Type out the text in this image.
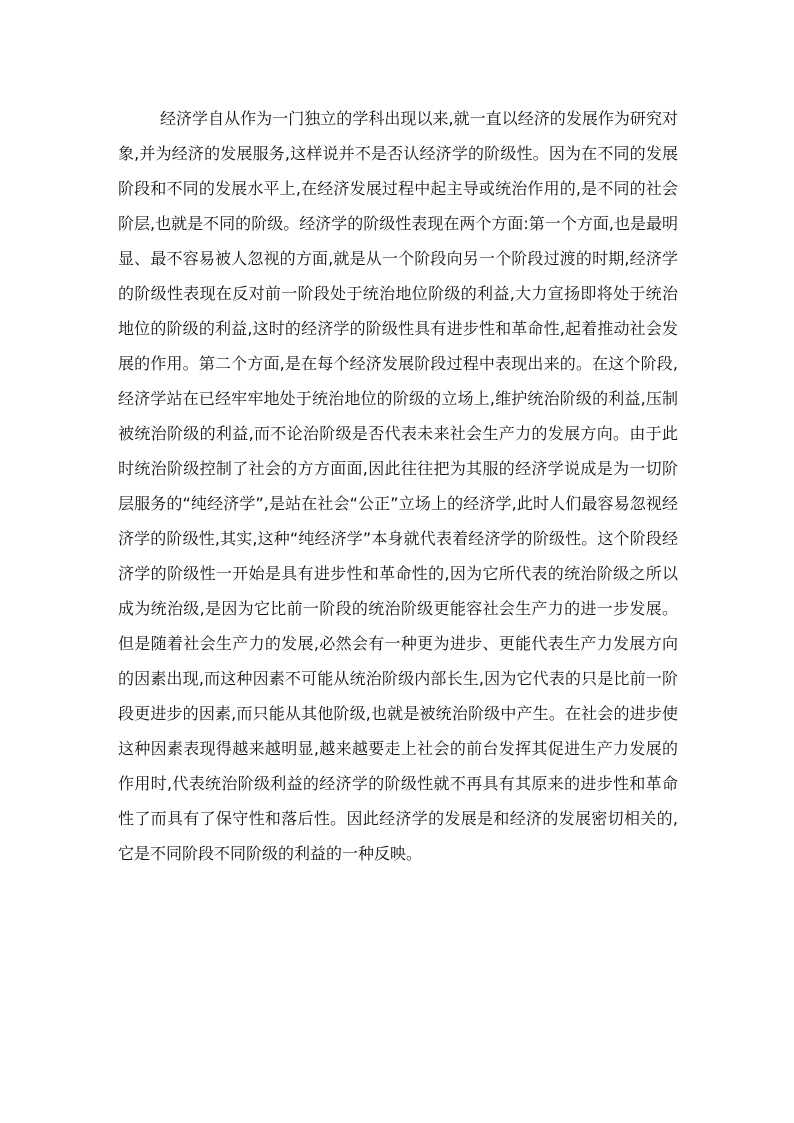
经济学自从作为一门独立的学科出现以来,就一直以经济的发展作为研究对
象,并为经济的发展服务,这样说并不是否认经济学的阶级性。因为在不同的发展
阶段和不同的发展水平上,在经济发展过程中起主导或统治作用的,是不同的社会
阶层,也就是不同的阶级。经济学的阶级性表现在两个方面:第一个方面,也是最明
显、最不容易被人忽视的方面,就是从一个阶段向另一个阶段过渡的时期,经济学
的阶级性表现在反对前一阶段处于统治地位阶级的利益,大力宣扬即将处于统治
地位的阶级的利益,这时的经济学的阶级性具有进步性和革命性,起着推动社会发
展的作用。第二个方面,是在每个经济发展阶段过程中表现出来的。在这个阶段,
经济学站在已经牢牢地处于统治地位的阶级的立场上,维护统治阶级的利益,压制
被统治阶级的利益,而不论治阶级是否代表未来社会生产力的发展方向。由于此
时统治阶级控制了社会的方方面面,因此往往把为其服的经济学说成是为一切阶
层服务的“纯经济学”,是站在社会“公正”立场上的经济学,此时人们最容易忽视经
济学的阶级性,其实,这种“纯经济学”本身就代表着经济学的阶级性。这个阶段经
济学的阶级性一开始是具有进步性和革命性的,因为它所代表的统治阶级之所以
成为统治级,是因为它比前一阶段的统治阶级更能容社会生产力的进一步发展。
但是随着社会生产力的发展,必然会有一种更为进步、更能代表生产力发展方向
的因素出现,而这种因素不可能从统治阶级内部长生,因为它代表的只是比前一阶
段更进步的因素,而只能从其他阶级,也就是被统治阶级中产生。在社会的进步使
这种因素表现得越来越明显,越来越要走上社会的前台发挥其促进生产力发展的
作用时,代表统治阶级利益的经济学的阶级性就不再具有其原来的进步性和革命
性了而具有了保守性和落后性。因此经济学的发展是和经济的发展密切相关的,
它是不同阶段不同阶级的利益的一种反映。
